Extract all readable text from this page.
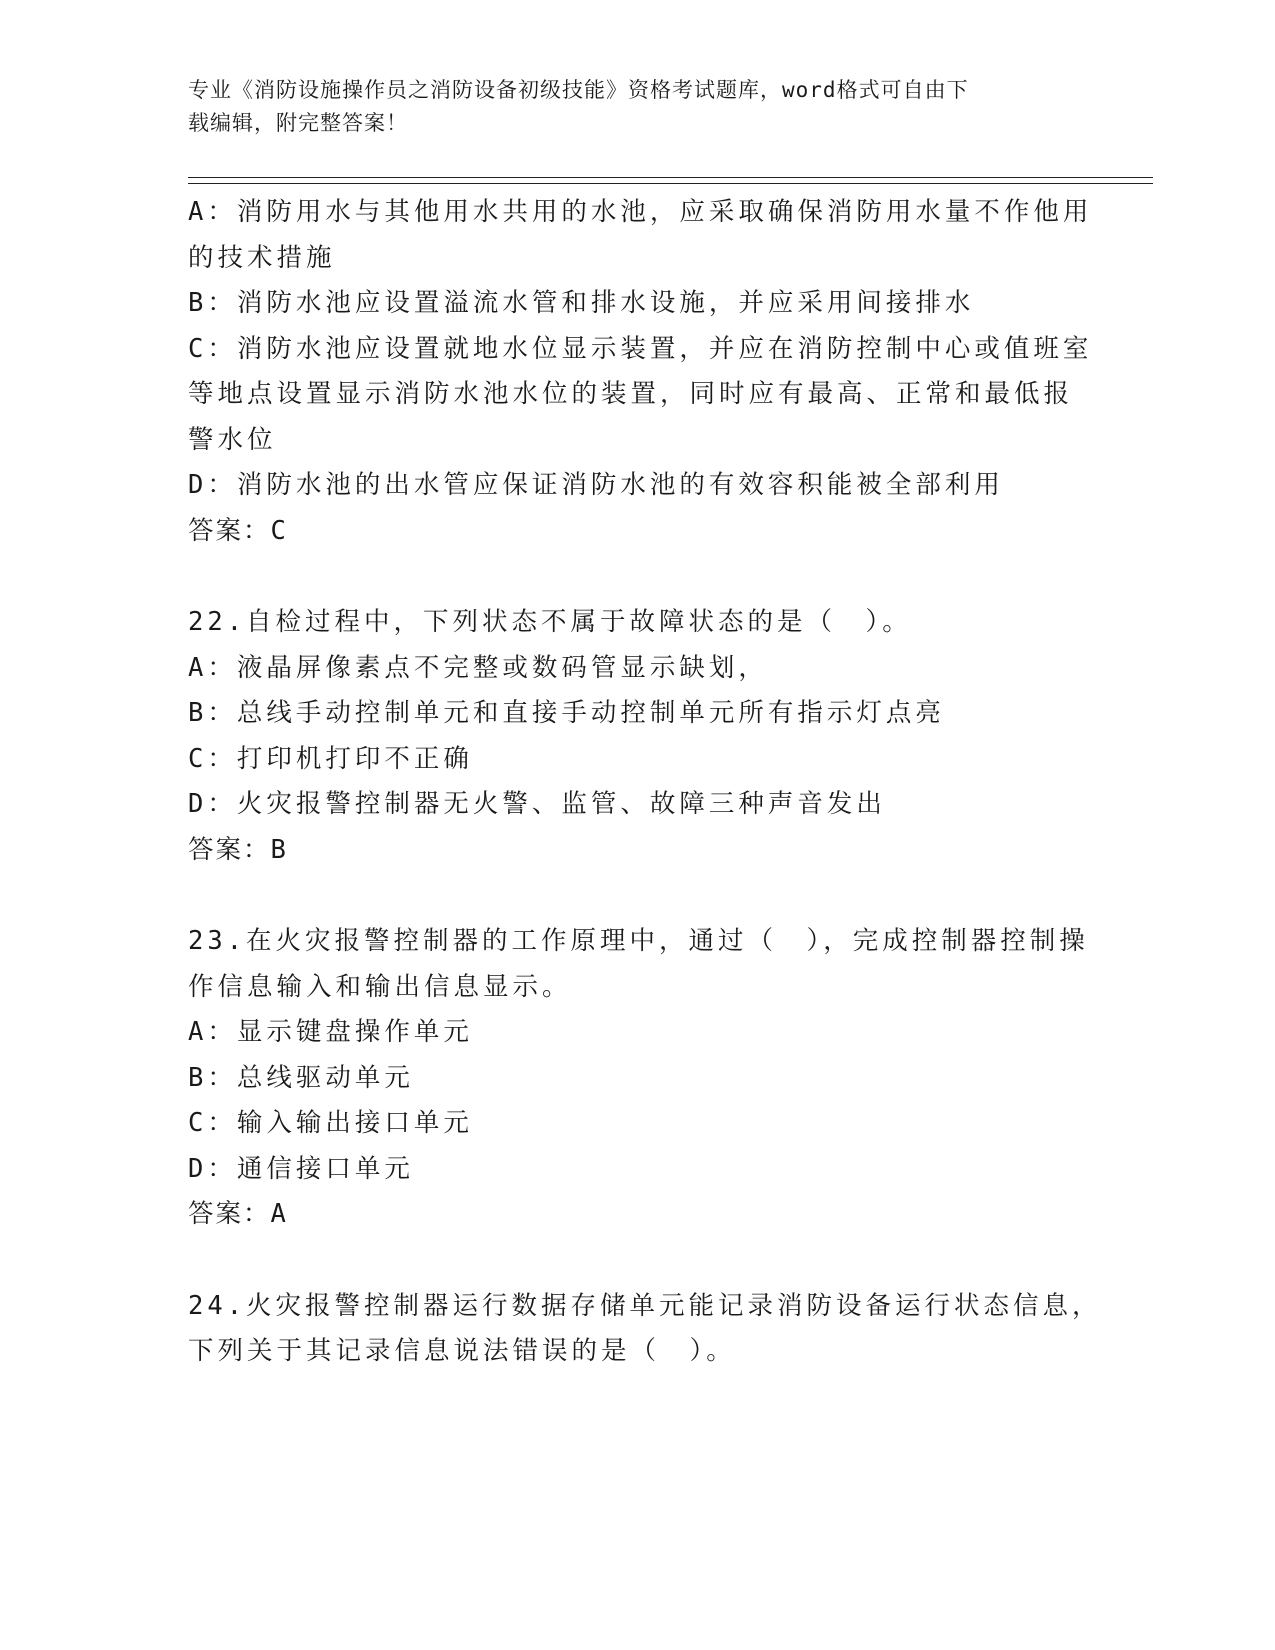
专业《消防设施操作员之消防设备初级技能》资格考试题库，word格式可自由下
载编辑，附完整答案！

A：消防用水与其他用水共用的水池，应采取确保消防用水量不作他用

的技术措施

B：消防水池应设置溢流水管和排水设施，并应采用间接排水

C：消防水池应设置就地水位显示装置，并应在消防控制中心或值班室

等地点设置显示消防水池水位的装置，同时应有最高、正常和最低报

警水位

D：消防水池的出水管应保证消防水池的有效容积能被全部利用

答案：C

22.自检过程中，下列状态不属于故障状态的是（　）。

A：液晶屏像素点不完整或数码管显示缺划，

B：总线手动控制单元和直接手动控制单元所有指示灯点亮

C：打印机打印不正确

D：火灾报警控制器无火警、监管、故障三种声音发出

答案：B

23.在火灾报警控制器的工作原理中，通过（　），完成控制器控制操

作信息输入和输出信息显示。

A：显示键盘操作单元

B：总线驱动单元

C：输入输出接口单元

D：通信接口单元

答案：A

24.火灾报警控制器运行数据存储单元能记录消防设备运行状态信息，

下列关于其记录信息说法错误的是（　）。
